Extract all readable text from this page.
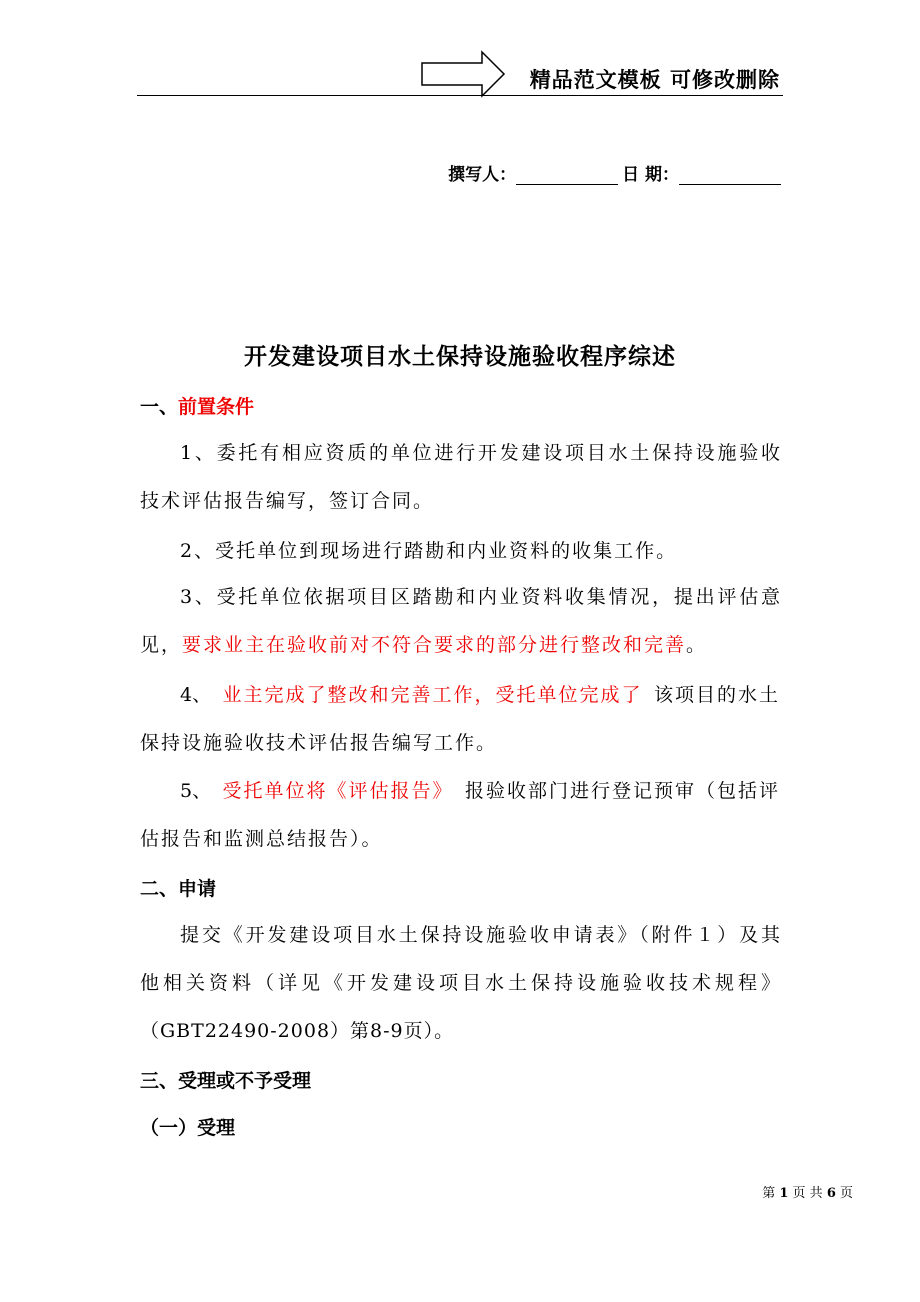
精品范文模板 可修改删除
撰写人：	日 期：
开发建设项目水土保持设施验收程序综述
一、前置条件
1、委托有相应资质的单位进行开发建设项目水土保持设施验收
技术评估报告编写，签订合同。
2、受托单位到现场进行踏勘和内业资料的收集工作。
3、受托单位依据项目区踏勘和内业资料收集情况，提出评估意
见，要求业主在验收前对不符合要求的部分进行整改和完善。
4、 业主完成了整改和完善工作，受托单位完成了 该项目的水土
保持设施验收技术评估报告编写工作。
5、 受托单位将《评估报告》 报验收部门进行登记预审（包括评
估报告和监测总结报告）。
二、申请
提交《开发建设项目水土保持设施验收申请表》（附件１）及其
他相关资料（详见《开发建设项目水土保持设施验收技术规程》
（GBT22490-2008）第8-9页）。
三、受理或不予受理
（一）受理
第 1 页 共 6 页
